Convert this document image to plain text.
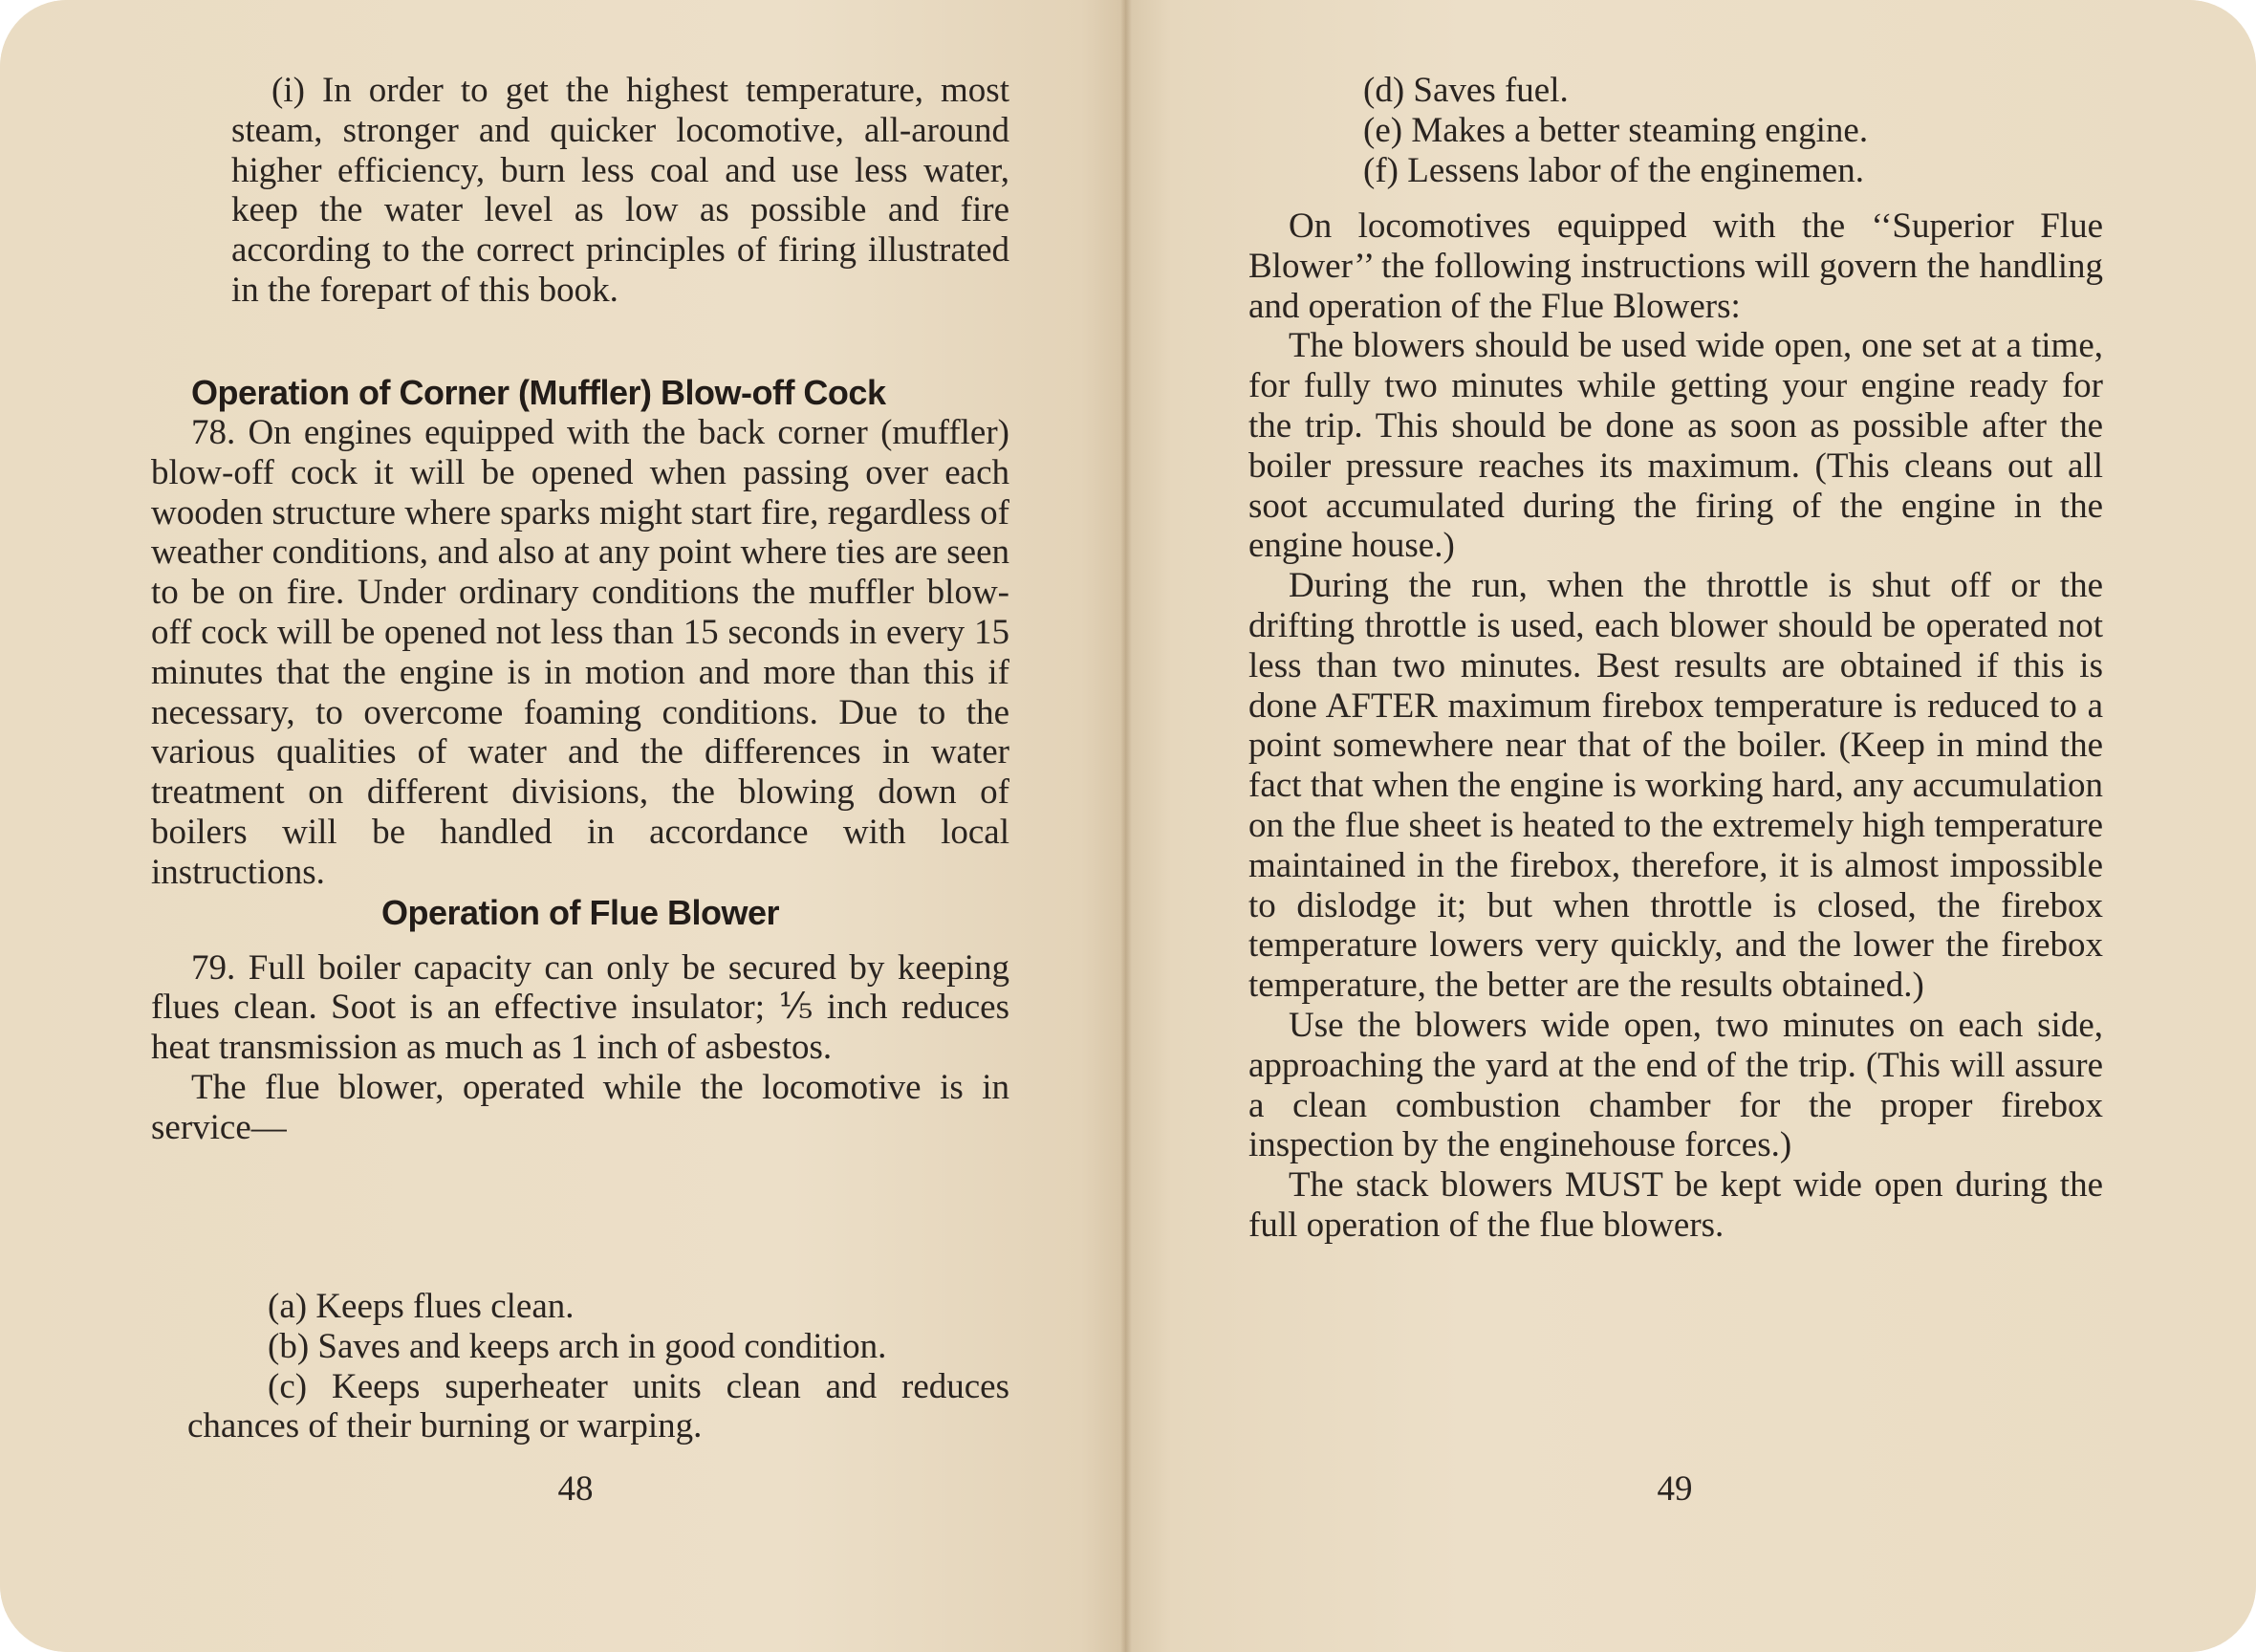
(i) In order to get the highest temperature, most steam, stronger and quicker locomotive, all-around higher efficiency, burn less coal and use less water, keep the water level as low as possible and fire according to the correct principles of firing illustrated in the forepart of this book.

Operation of Corner (Muffler) Blow-off Cock

78. On engines equipped with the back corner (muffler) blow-off cock it will be opened when passing over each wooden structure where sparks might start fire, regardless of weather conditions, and also at any point where ties are seen to be on fire. Under ordinary conditions the muffler blow-off cock will be opened not less than 15 seconds in every 15 minutes that the engine is in motion and more than this if necessary, to overcome foaming conditions. Due to the various qualities of water and the differences in water treatment on different divisions, the blowing down of boilers will be handled in accordance with local instructions.

Operation of Flue Blower

79. Full boiler capacity can only be secured by keeping flues clean. Soot is an effective insulator; ⅕ inch reduces heat transmission as much as 1 inch of asbestos.

The flue blower, operated while the locomotive is in service—

(a) Keeps flues clean.

(b) Saves and keeps arch in good condition.

(c) Keeps superheater units clean and reduces chances of their burning or warping.

48

(d) Saves fuel.

(e) Makes a better steaming engine.

(f) Lessens labor of the enginemen.

On locomotives equipped with the ‘‘Superior Flue Blower’’ the following instructions will govern the handling and operation of the Flue Blowers:

The blowers should be used wide open, one set at a time, for fully two minutes while getting your engine ready for the trip. This should be done as soon as possible after the boiler pressure reaches its maximum. (This cleans out all soot accumulated during the firing of the engine in the engine house.)

During the run, when the throttle is shut off or the drifting throttle is used, each blower should be operated not less than two minutes. Best results are obtained if this is done AFTER maximum firebox temperature is reduced to a point somewhere near that of the boiler. (Keep in mind the fact that when the engine is working hard, any accumulation on the flue sheet is heated to the extremely high temperature maintained in the firebox, therefore, it is almost impossible to dislodge it; but when throttle is closed, the firebox temperature lowers very quickly, and the lower the firebox temperature, the better are the results obtained.)

Use the blowers wide open, two minutes on each side, approaching the yard at the end of the trip. (This will assure a clean combustion chamber for the proper firebox inspection by the enginehouse forces.)

The stack blowers MUST be kept wide open during the full operation of the flue blowers.

49
